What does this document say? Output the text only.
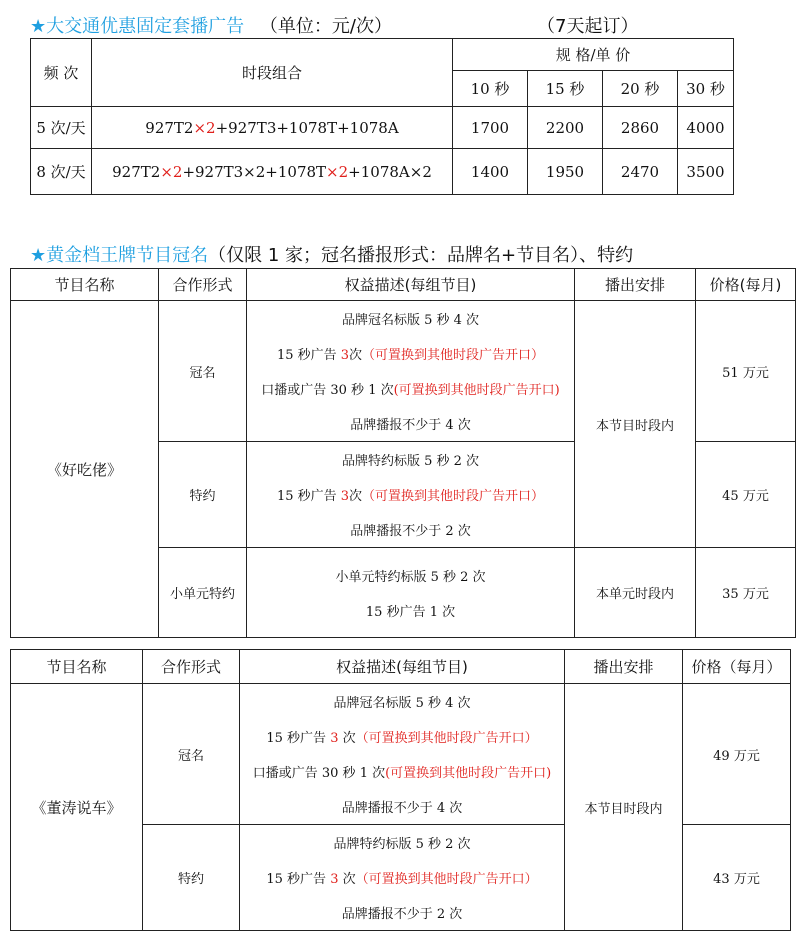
★大交通优惠固定套播广告 （单位：元/次）	（7天起订）
频 次	时段组合	规 格/单 价			
		10 秒	15 秒	20 秒	30 秒
5 次/天	927T2×2+927T3+1078T+1078A	1700	2200	2860	4000
8 次/天	927T2×2+927T3×2+1078T×2+1078A×2	1400	1950	2470	3500
★黄金档王牌节目冠名（仅限 1 家；冠名播报形式：品牌名+节目名）、特约
节目名称	合作形式	权益描述(每组节目)	播出安排	价格(每月)
《好吃佬》	冠名	品牌冠名标版 5 秒 4 次
15 秒广告 3次（可置换到其他时段广告开口）
口播或广告 30 秒 1 次(可置换到其他时段广告开口)
品牌播报不少于 4 次	本节目时段内	51 万元
	特约	品牌特约标版 5 秒 2 次
15 秒广告 3次（可置换到其他时段广告开口）
品牌播报不少于 2 次		45 万元
	小单元特约	小单元特约标版 5 秒 2 次
15 秒广告 1 次	本单元时段内	35 万元
节目名称	合作形式	权益描述(每组节目)	播出安排	价格（每月）
《董涛说车》	冠名	品牌冠名标版 5 秒 4 次
15 秒广告 3 次（可置换到其他时段广告开口）
口播或广告 30 秒 1 次(可置换到其他时段广告开口)
品牌播报不少于 4 次	本节目时段内	49 万元
	特约	品牌特约标版 5 秒 2 次
15 秒广告 3 次（可置换到其他时段广告开口）
品牌播报不少于 2 次		43 万元
